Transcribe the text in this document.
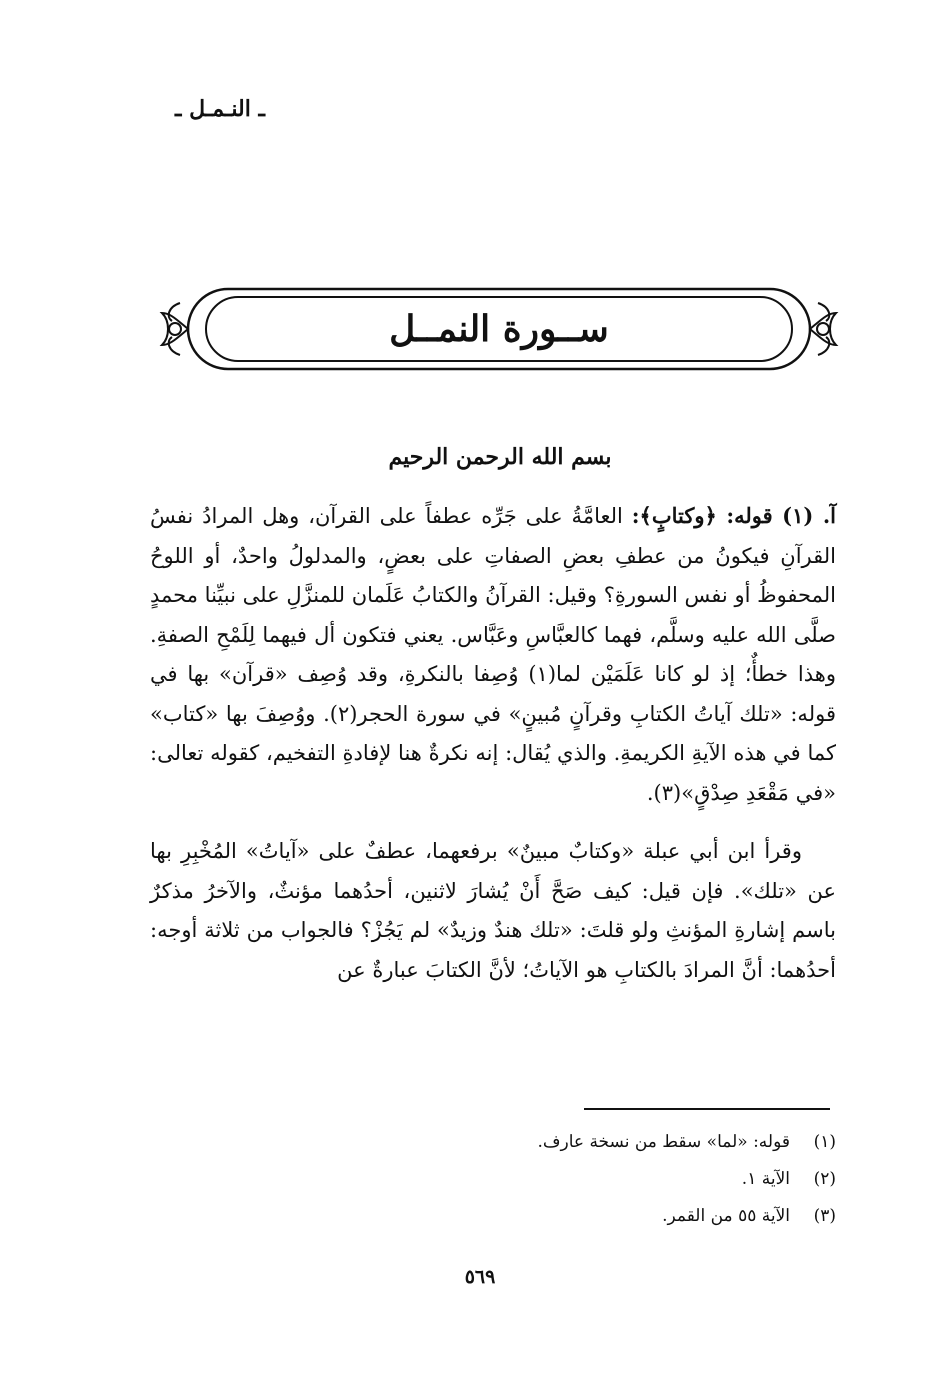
ـ النـمـل ـ
ســورة النمــل
بسم الله الرحمن الرحيم

آ. (١) قوله: ﴿وكتابٍ﴾: العامَّةُ على جَرِّه عطفاً على القرآن، وهل المرادُ نفسُ القرآنِ فيكونُ من عطفِ بعضِ الصفاتِ على بعضٍ، والمدلولُ واحدٌ، أو اللوحُ المحفوظُ أو نفس السورةِ؟ وقيل: القرآنُ والكتابُ عَلَمان للمنزَّلِ على نبيِّنا محمدٍ صلَّى الله عليه وسلَّم، فهما كالعبَّاسِ وعَبَّاس. يعني فتكون أل فيهما لِلَمْحِ الصفةِ. وهذا خطأٌ؛ إذ لو كانا عَلَمَيْن لما(١) وُصِفا بالنكرةِ، وقد وُصِف «قرآن» بها في قوله: «تلك آياتُ الكتابِ وقرآنٍ مُبينٍ» في سورة الحجر(٢). ووُصِفَ بها «كتاب» كما في هذه الآيةِ الكريمةِ. والذي يُقال: إنه نكرةٌ هنا لإفادةِ التفخيم، كقوله تعالى: «في مَقْعَدِ صِدْقٍ»(٣).

وقرأ ابن أبي عبلة «وكتابٌ مبينٌ» برفعهما، عطفٌ على «آياتُ» المُخْبِرِ بها عن «تلك». فإن قيل: كيف صَحَّ أَنْ يُشارَ لاثنين، أحدُهما مؤنثٌ، والآخرُ مذكرٌ باسم إشارةِ المؤنثِ ولو قلتَ: «تلك هندٌ وزيدٌ» لم يَجُزْ؟ فالجواب من ثلاثة أوجه: أحدُهما: أنَّ المرادَ بالكتابِ هو الآياتُ؛ لأنَّ الكتابَ عبارةٌ عن

(١)
قوله: «لما» سقط من نسخة عارف.
(٢)
الآية ١.
(٣)
الآية ٥٥ من القمر.
٥٦٩
